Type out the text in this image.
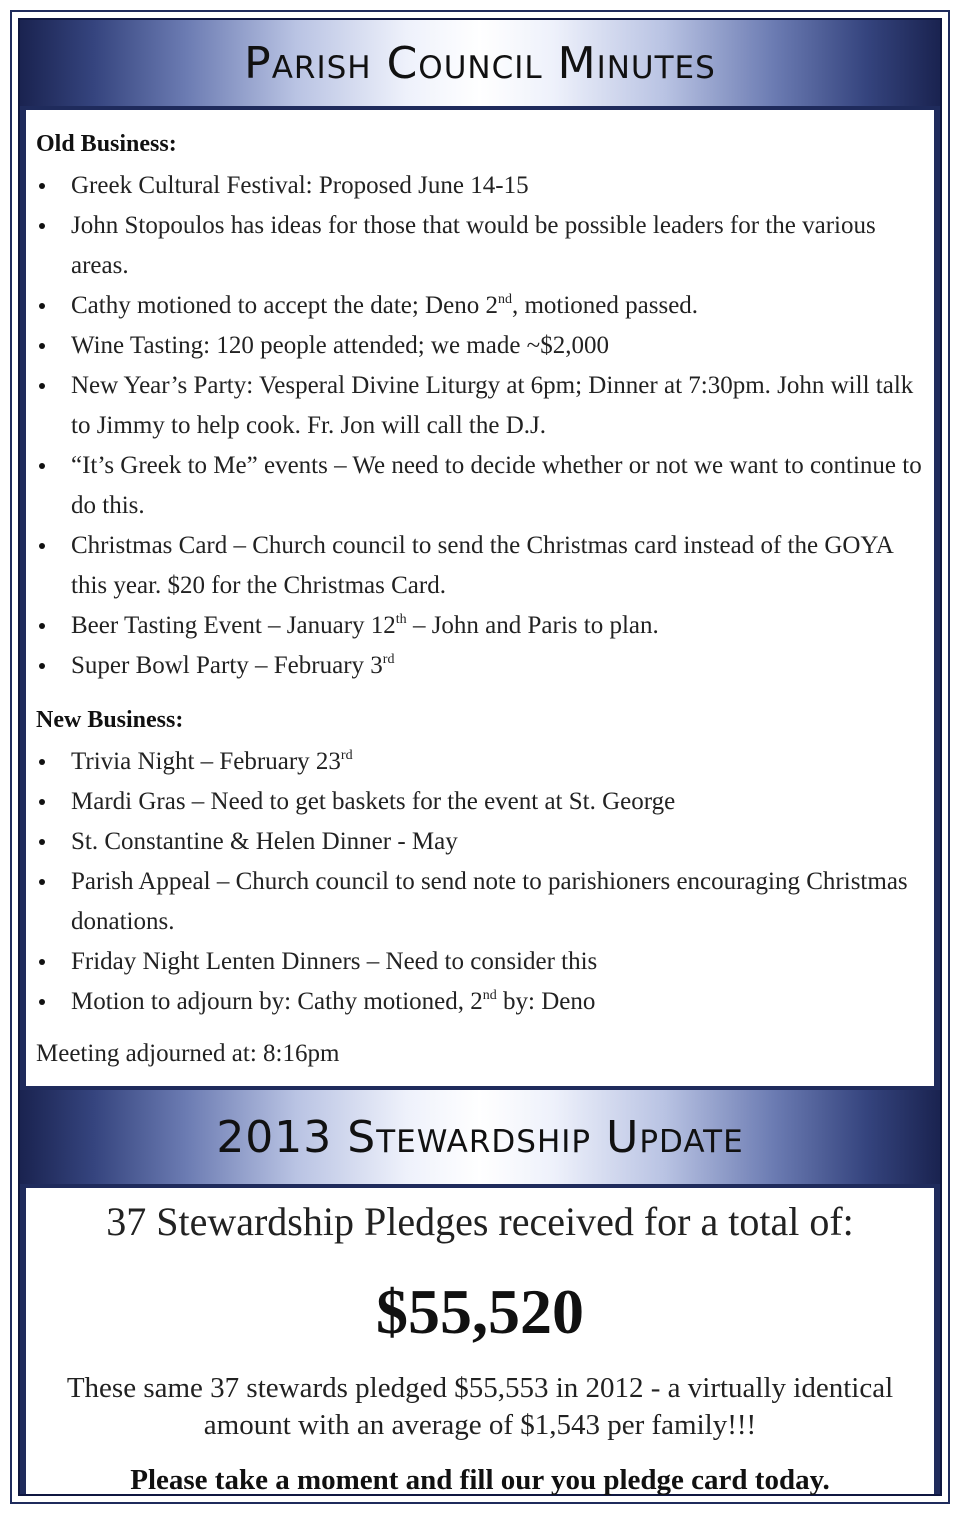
Parish Council Minutes
Old Business:
Greek Cultural Festival: Proposed June 14-15
John Stopoulos has ideas for those that would be possible leaders for the various areas.
Cathy motioned to accept the date; Deno 2nd, motioned passed.
Wine Tasting: 120 people attended; we made ~$2,000
New Year’s Party: Vesperal Divine Liturgy at 6pm; Dinner at 7:30pm. John will talk to Jimmy to help cook. Fr. Jon will call the D.J.
“It’s Greek to Me” events – We need to decide whether or not we want to continue to do this.
Christmas Card – Church council to send the Christmas card instead of the GOYA this year. $20 for the Christmas Card.
Beer Tasting Event – January 12th – John and Paris to plan.
Super Bowl Party – February 3rd
New Business:
Trivia Night – February 23rd
Mardi Gras – Need to get baskets for the event at St. George
St. Constantine & Helen Dinner - May
Parish Appeal – Church council to send note to parishioners encouraging Christmas donations.
Friday Night Lenten Dinners – Need to consider this
Motion to adjourn by: Cathy motioned, 2nd by: Deno
Meeting adjourned at: 8:16pm
2013 Stewardship Update
37 Stewardship Pledges received for a total of:
$55,520
These same 37 stewards pledged $55,553 in 2012 - a virtually identical amount with an average of $1,543 per family!!!
Please take a moment and fill our you pledge card today.
